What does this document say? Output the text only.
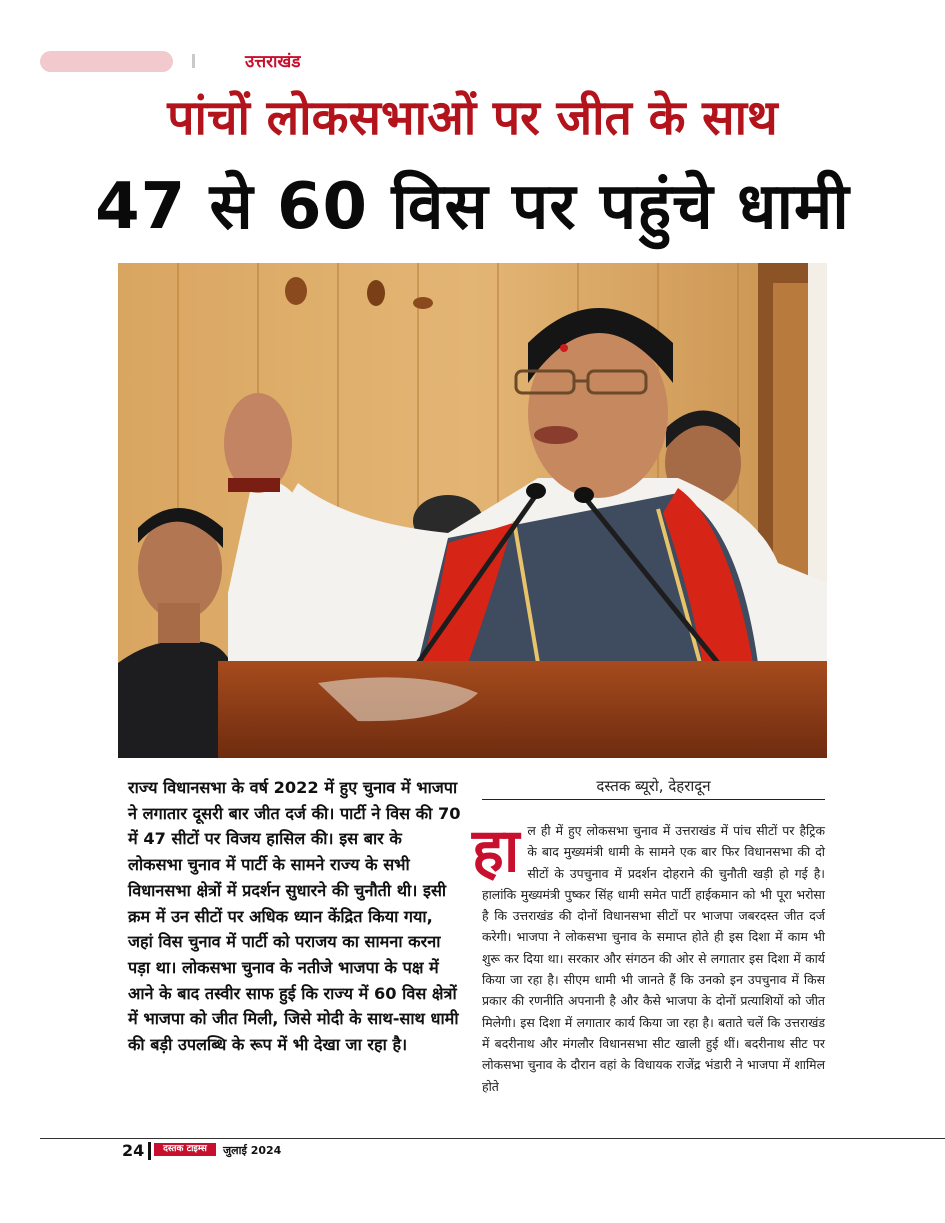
उत्तराखंड
पांचों लोकसभाओं पर जीत के साथ
47 से 60 विस पर पहुंचे धामी

राज्य विधानसभा के वर्ष 2022 में हुए चुनाव में भाजपा ने लगातार दूसरी बार जीत दर्ज की। पार्टी ने विस की 70 में 47 सीटों पर विजय हासिल की। इस बार के लोकसभा चुनाव में पार्टी के सामने राज्य के सभी विधानसभा क्षेत्रों में प्रदर्शन सुधारने की चुनौती थी। इसी क्रम में उन सीटों पर अधिक ध्यान केंद्रित किया गया, जहां विस चुनाव में पार्टी को पराजय का सामना करना पड़ा था। लोकसभा चुनाव के नतीजे भाजपा के पक्ष में आने के बाद तस्वीर साफ हुई कि राज्य में 60 विस क्षेत्रों में भाजपा को जीत मिली, जिसे मोदी के साथ-साथ धामी की बड़ी उपलब्धि के रूप में भी देखा जा रहा है।

दस्तक ब्यूरो, देहरादून
हा ल ही में हुए लोकसभा चुनाव में उत्तराखंड में पांच सीटों पर हैट्रिक के बाद मुख्यमंत्री धामी के सामने एक बार फिर विधानसभा की दो सीटों के उपचुनाव में प्रदर्शन दोहराने की चुनौती खड़ी हो गई है। हालांकि मुख्यमंत्री पुष्कर सिंह धामी समेत पार्टी हाईकमान को भी पूरा भरोसा है कि उत्तराखंड की दोनों विधानसभा सीटों पर भाजपा जबरदस्त जीत दर्ज करेगी। भाजपा ने लोकसभा चुनाव के समाप्त होते ही इस दिशा में काम भी शुरू कर दिया था। सरकार और संगठन की ओर से लगातार इस दिशा में कार्य किया जा रहा है। सीएम धामी भी जानते हैं कि उनको इन उपचुनाव में किस प्रकार की रणनीति अपनानी है और कैसे भाजपा के दोनों प्रत्याशियों को जीत मिलेगी। इस दिशा में लगातार कार्य किया जा रहा है। बताते चलें कि उत्तराखंड में बदरीनाथ और मंगलौर विधानसभा सीट खाली हुई थीं। बदरीनाथ सीट पर लोकसभा चुनाव के दौरान वहां के विधायक राजेंद्र भंडारी ने भाजपा में शामिल होते

24	दस्तक टाइम्स	जुलाई 2024
